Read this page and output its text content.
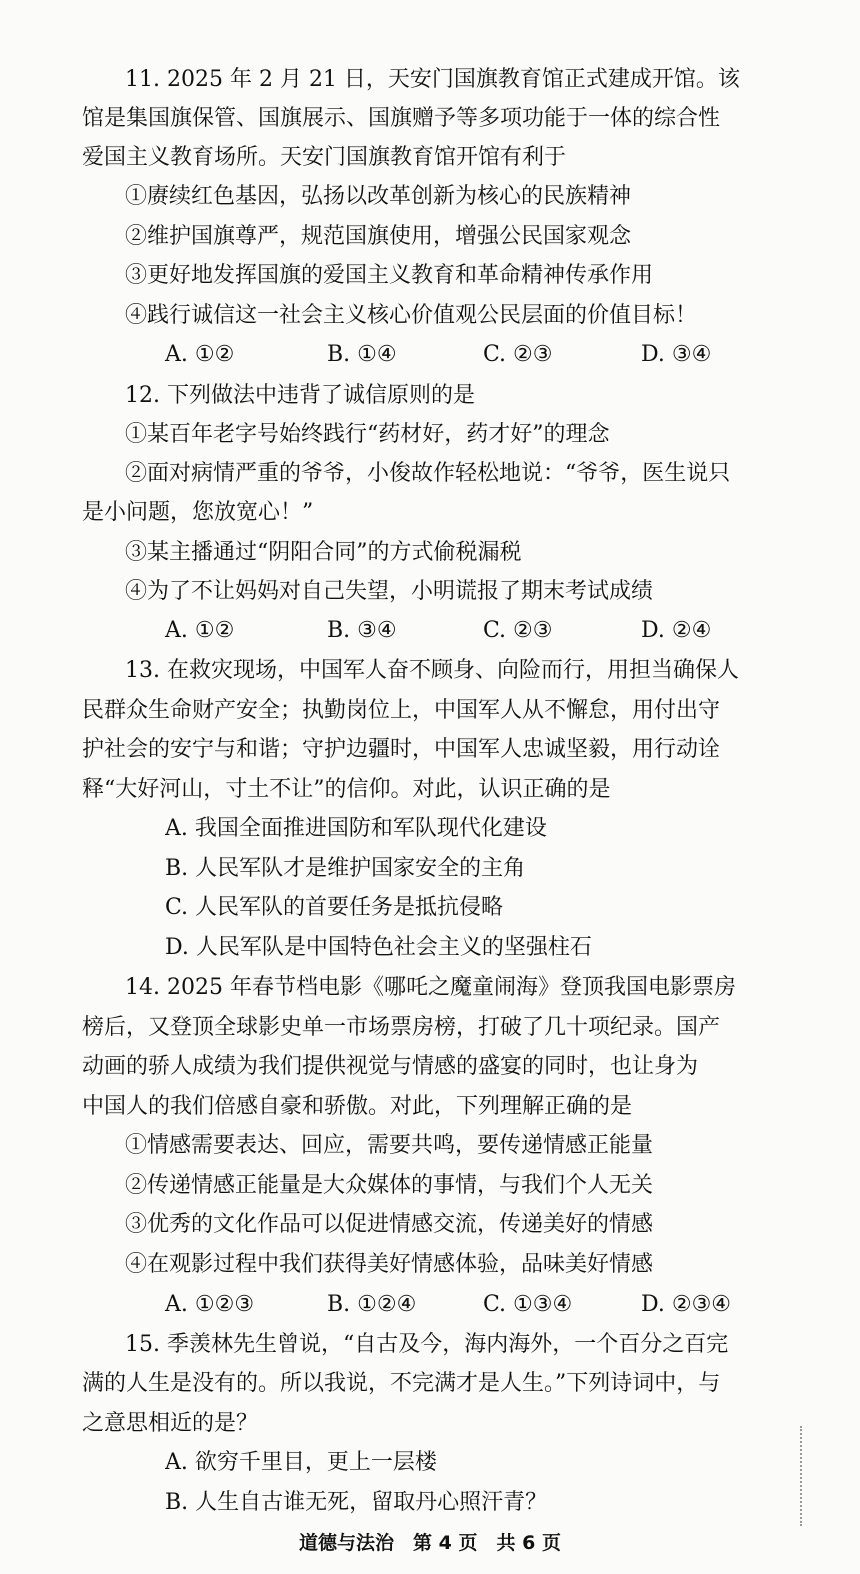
11. 2025 年 2 月 21 日，天安门国旗教育馆正式建成开馆。该
馆是集国旗保管、国旗展示、国旗赠予等多项功能于一体的综合性
爱国主义教育场所。天安门国旗教育馆开馆有利于
①赓续红色基因，弘扬以改革创新为核心的民族精神
②维护国旗尊严，规范国旗使用，增强公民国家观念
③更好地发挥国旗的爱国主义教育和革命精神传承作用
④践行诚信这一社会主义核心价值观公民层面的价值目标！
A. ①②	B. ①④	C. ②③	D. ③④
12. 下列做法中违背了诚信原则的是
①某百年老字号始终践行“药材好，药才好”的理念
②面对病情严重的爷爷，小俊故作轻松地说：“爷爷，医生说只
是小问题，您放宽心！”
③某主播通过“阴阳合同”的方式偷税漏税
④为了不让妈妈对自己失望，小明谎报了期末考试成绩
A. ①②	B. ③④	C. ②③	D. ②④
13. 在救灾现场，中国军人奋不顾身、向险而行，用担当确保人
民群众生命财产安全；执勤岗位上，中国军人从不懈怠，用付出守
护社会的安宁与和谐；守护边疆时，中国军人忠诚坚毅，用行动诠
释“大好河山，寸土不让”的信仰。对此，认识正确的是
A. 我国全面推进国防和军队现代化建设
B. 人民军队才是维护国家安全的主角
C. 人民军队的首要任务是抵抗侵略
D. 人民军队是中国特色社会主义的坚强柱石
14. 2025 年春节档电影《哪吒之魔童闹海》登顶我国电影票房
榜后，又登顶全球影史单一市场票房榜，打破了几十项纪录。国产
动画的骄人成绩为我们提供视觉与情感的盛宴的同时，也让身为
中国人的我们倍感自豪和骄傲。对此，下列理解正确的是
①情感需要表达、回应，需要共鸣，要传递情感正能量
②传递情感正能量是大众媒体的事情，与我们个人无关
③优秀的文化作品可以促进情感交流，传递美好的情感
④在观影过程中我们获得美好情感体验，品味美好情感
A. ①②③	B. ①②④	C. ①③④	D. ②③④
15. 季羡林先生曾说，“自古及今，海内海外，一个百分之百完
满的人生是没有的。所以我说，不完满才是人生。”下列诗词中，与
之意思相近的是？
A. 欲穷千里目，更上一层楼
B. 人生自古谁无死，留取丹心照汗青？
道德与法治　第 4 页　共 6 页
